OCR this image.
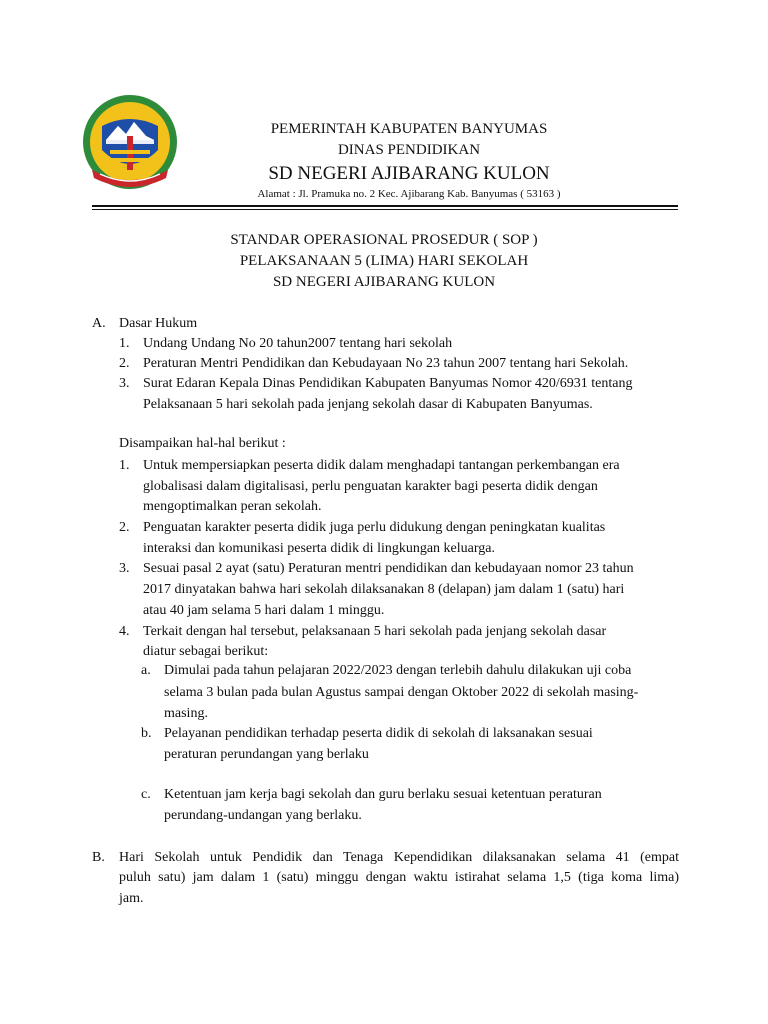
PEMERINTAH KABUPATEN BANYUMAS
DINAS PENDIDIKAN
SD NEGERI AJIBARANG KULON
Alamat : Jl. Pramuka no. 2 Kec. Ajibarang Kab. Banyumas ( 53163 )
STANDAR OPERASIONAL PROSEDUR ( SOP )
PELAKSANAAN 5 (LIMA) HARI SEKOLAH
SD NEGERI AJIBARANG KULON
A. Dasar Hukum
1. Undang Undang No 20 tahun2007 tentang hari sekolah
2. Peraturan Mentri Pendidikan dan Kebudayaan No 23 tahun 2007 tentang hari Sekolah.
3. Surat Edaran Kepala Dinas Pendidikan Kabupaten Banyumas Nomor 420/6931 tentang
Pelaksanaan 5 hari sekolah pada jenjang sekolah dasar di Kabupaten Banyumas.
Disampaikan hal-hal berikut :
1. Untuk mempersiapkan peserta didik dalam menghadapi tantangan perkembangan era
globalisasi dalam digitalisasi, perlu penguatan karakter bagi peserta didik dengan
mengoptimalkan peran sekolah.
2. Penguatan karakter peserta didik juga perlu didukung dengan peningkatan kualitas
interaksi dan komunikasi peserta didik di lingkungan keluarga.
3. Sesuai pasal 2 ayat (satu) Peraturan mentri pendidikan dan kebudayaan nomor 23 tahun
2017 dinyatakan bahwa hari sekolah dilaksanakan 8 (delapan) jam dalam 1 (satu) hari
atau 40 jam selama 5 hari dalam 1 minggu.
4. Terkait dengan hal tersebut, pelaksanaan 5 hari sekolah pada jenjang sekolah dasar
diatur sebagai berikut:
a. Dimulai pada tahun pelajaran 2022/2023 dengan terlebih dahulu dilakukan uji coba
selama 3 bulan pada bulan Agustus sampai dengan Oktober 2022 di sekolah masing-
masing.
b. Pelayanan pendidikan terhadap peserta didik di sekolah di laksanakan sesuai
peraturan perundangan yang berlaku
c. Ketentuan jam kerja bagi sekolah dan guru berlaku sesuai ketentuan peraturan
perundang-undangan yang berlaku.
B. Hari Sekolah untuk Pendidik dan Tenaga Kependidikan dilaksanakan selama 41 (empat
puluh satu) jam dalam 1 (satu) minggu dengan waktu istirahat selama 1,5 (tiga koma lima)
jam.
